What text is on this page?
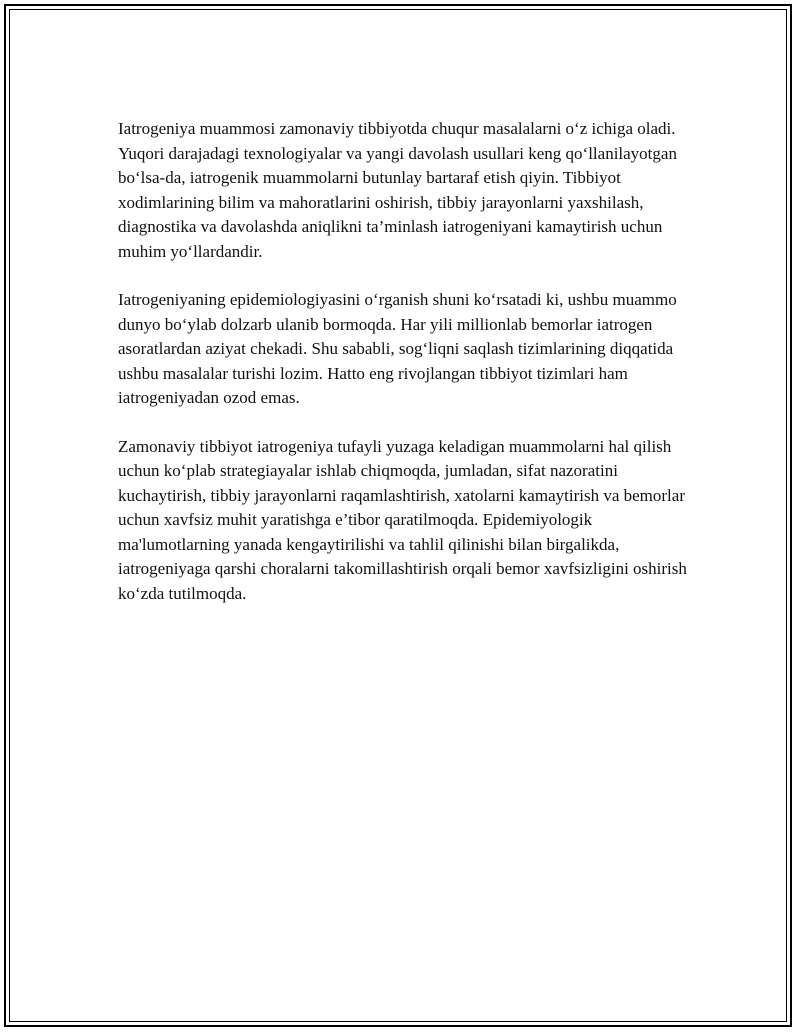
Iatrogeniya muammosi zamonaviy tibbiyotda chuqur masalalarni o‘z ichiga oladi. Yuqori darajadagi texnologiyalar va yangi davolash usullari keng qo‘llanilayotgan bo‘lsa-da, iatrogenik muammolarni butunlay bartaraf etish qiyin. Tibbiyot xodimlarining bilim va mahoratlarini oshirish, tibbiy jarayonlarni yaxshilash, diagnostika va davolashda aniqlikni ta’minlash iatrogeniyani kamaytirish uchun muhim yo‘llardandir.

Iatrogeniyaning epidemiologiyasini o‘rganish shuni ko‘rsatadi ki, ushbu muammo dunyo bo‘ylab dolzarb ulanib bormoqda. Har yili millionlab bemorlar iatrogen asoratlardan aziyat chekadi. Shu sababli, sog‘liqni saqlash tizimlarining diqqatida ushbu masalalar turishi lozim. Hatto eng rivojlangan tibbiyot tizimlari ham iatrogeniyadan ozod emas.

Zamonaviy tibbiyot iatrogeniya tufayli yuzaga keladigan muammolarni hal qilish uchun ko‘plab strategiayalar ishlab chiqmoqda, jumladan, sifat nazoratini kuchaytirish, tibbiy jarayonlarni raqamlashtirish, xatolarni kamaytirish va bemorlar uchun xavfsiz muhit yaratishga e’tibor qaratilmoqda. Epidemiyologik ma'lumotlarning yanada kengaytirilishi va tahlil qilinishi bilan birgalikda, iatrogeniyaga qarshi choralarni takomillashtirish orqali bemor xavfsizligini oshirish ko‘zda tutilmoqda.
